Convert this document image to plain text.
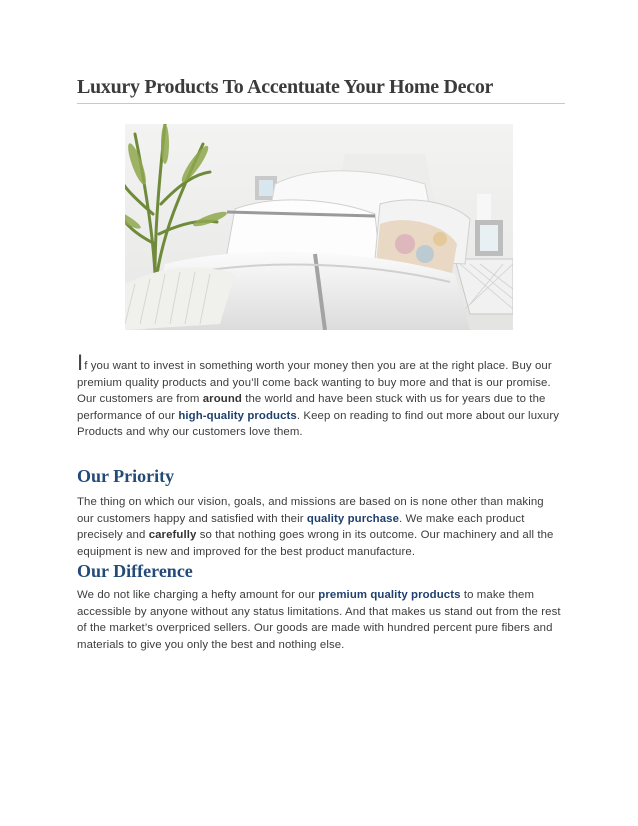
Luxury Products To Accentuate Your Home Decor

If you want to invest in something worth your money then you are at the right place. Buy our premium quality products and you’ll come back wanting to buy more and that is our promise. Our customers are from around the world and have been stuck with us for years due to the performance of our high-quality products. Keep on reading to find out more about our luxury Products and why our customers love them.

Our Priority

The thing on which our vision, goals, and missions are based on is none other than making our customers happy and satisfied with their quality purchase. We make each product precisely and carefully so that nothing goes wrong in its outcome. Our machinery and all the equipment is new and improved for the best product manufacture.

Our Difference

We do not like charging a hefty amount for our premium quality products to make them accessible by anyone without any status limitations. And that makes us stand out from the rest of the market’s overpriced sellers. Our goods are made with hundred percent pure fibers and materials to give you only the best and nothing else.
